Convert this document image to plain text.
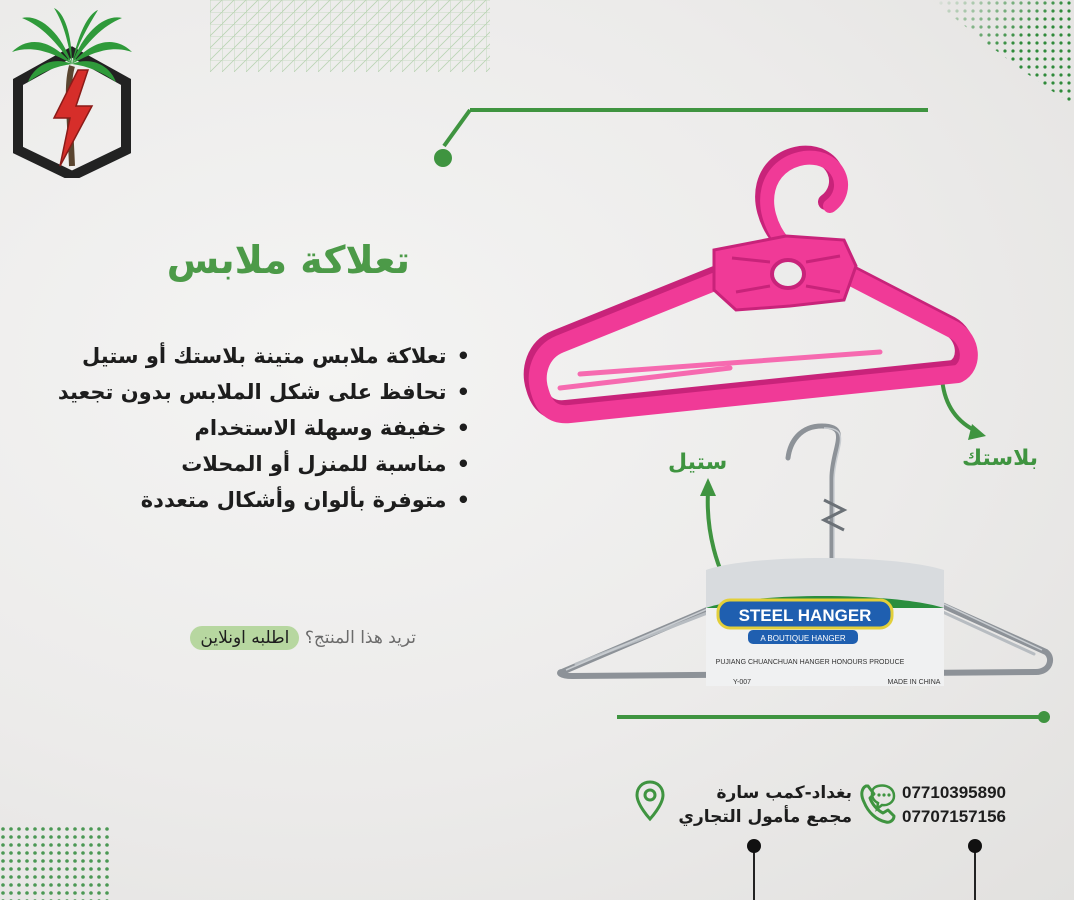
تعلاكة ملابس
• تعلاكة ملابس متينة بلاستك أو ستيل
• تحافظ على شكل الملابس بدون تجعيد
• خفيفة وسهلة الاستخدام
• مناسبة للمنزل أو المحلات
• متوفرة بألوان وأشكال متعددة
تريد هذا المنتج؟ اطلبه اونلاين
STEEL HANGER
A BOUTIQUE HANGER
PUJIANG CHUANCHUAN HANGER HONOURS PRODUCE
MADE IN CHINA
Y-007
بلاستك
ستيل
07710395890
07707157156
بغداد-كمب سارة
مجمع مأمول التجاري
